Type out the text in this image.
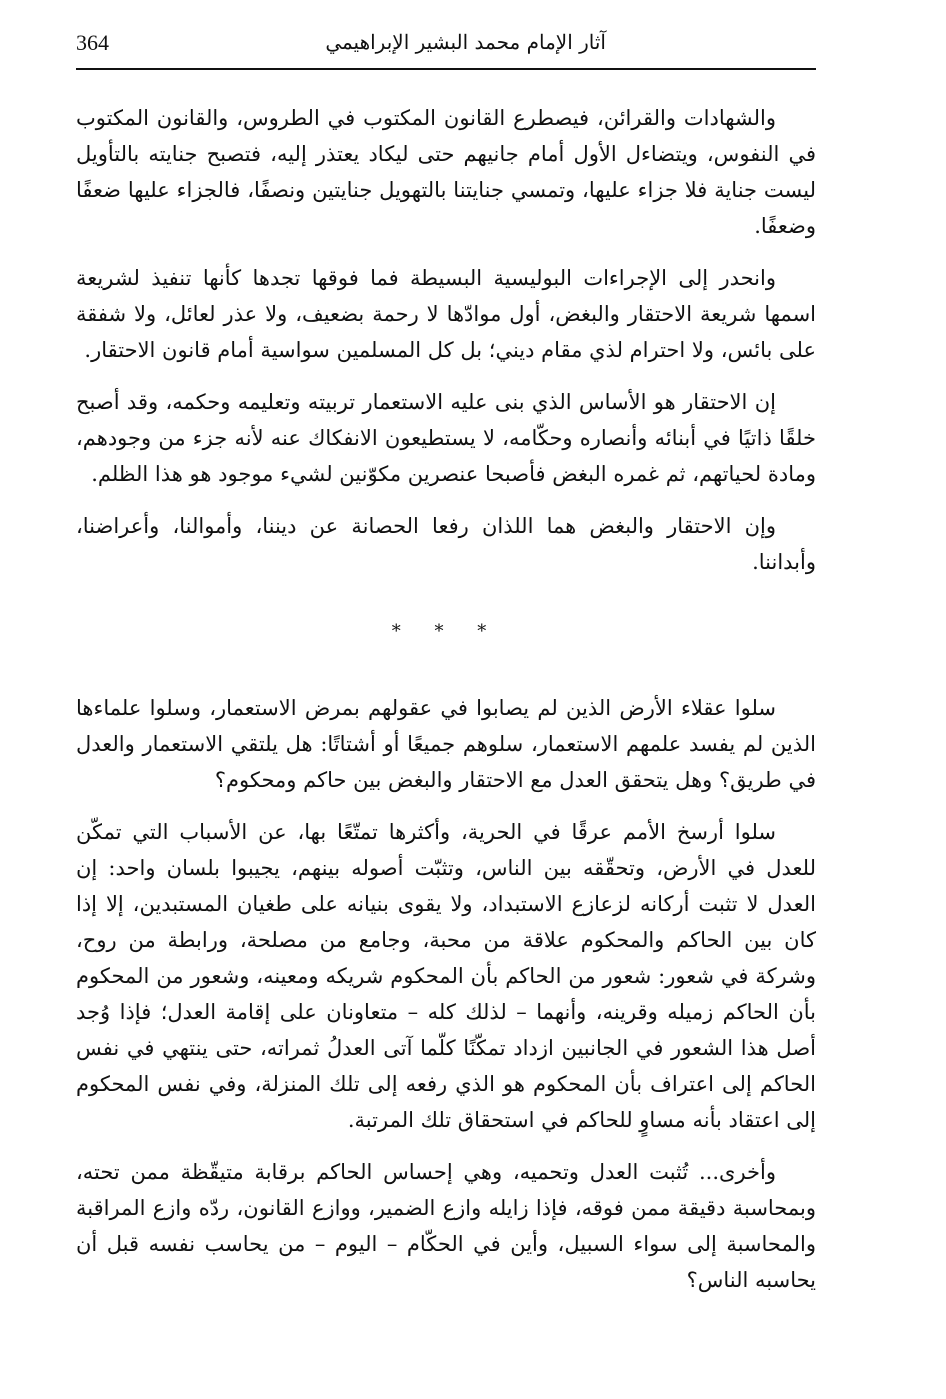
364	آثار الإمام محمد البشير الإبراهيمي

والشهادات والقرائن، فيصطرع القانون المكتوب في الطروس، والقانون المكتوب في النفوس، ويتضاءل الأول أمام جانيهم حتى ليكاد يعتذر إليه، فتصبح جنايته بالتأويل ليست جناية فلا جزاء عليها، وتمسي جنايتنا بالتهويل جنايتين ونصفًا، فالجزاء عليها ضعفًا وضعفًا.

وانحدر إلى الإجراءات البوليسية البسيطة فما فوقها تجدها كأنها تنفيذ لشريعة اسمها شريعة الاحتقار والبغض، أول موادّها لا رحمة بضعيف، ولا عذر لعائل، ولا شفقة على بائس، ولا احترام لذي مقام ديني؛ بل كل المسلمين سواسية أمام قانون الاحتقار.

إن الاحتقار هو الأساس الذي بنى عليه الاستعمار تربيته وتعليمه وحكمه، وقد أصبح خلقًا ذاتيًا في أبنائه وأنصاره وحكّامه، لا يستطيعون الانفكاك عنه لأنه جزء من وجودهم، ومادة لحياتهم، ثم غمره البغض فأصبحا عنصرين مكوّنين لشيء موجود هو هذا الظلم.

وإن الاحتقار والبغض هما اللذان رفعا الحصانة عن ديننا، وأموالنا، وأعراضنا، وأبداننا.

* * *

سلوا عقلاء الأرض الذين لم يصابوا في عقولهم بمرض الاستعمار، وسلوا علماءها الذين لم يفسد علمهم الاستعمار، سلوهم جميعًا أو أشتاتًا: هل يلتقي الاستعمار والعدل في طريق؟ وهل يتحقق العدل مع الاحتقار والبغض بين حاكم ومحكوم؟

سلوا أرسخ الأمم عرقًا في الحرية، وأكثرها تمتّعًا بها، عن الأسباب التي تمكّن للعدل في الأرض، وتحقّقه بين الناس، وتثبّت أصوله بينهم، يجيبوا بلسان واحد: إن العدل لا تثبت أركانه لزعازع الاستبداد، ولا يقوى بنيانه على طغيان المستبدين، إلا إذا كان بين الحاكم والمحكوم علاقة من محبة، وجامع من مصلحة، ورابطة من روح، وشركة في شعور: شعور من الحاكم بأن المحكوم شريكه ومعينه، وشعور من المحكوم بأن الحاكم زميله وقرينه، وأنهما – لذلك كله – متعاونان على إقامة العدل؛ فإذا وُجد أصل هذا الشعور في الجانبين ازداد تمكّنًا كلّما آتى العدلُ ثمراته، حتى ينتهي في نفس الحاكم إلى اعتراف بأن المحكوم هو الذي رفعه إلى تلك المنزلة، وفي نفس المحكوم إلى اعتقاد بأنه مساوٍ للحاكم في استحقاق تلك المرتبة.

وأخرى... تُثبت العدل وتحميه، وهي إحساس الحاكم برقابة متيقّظة ممن تحته، وبمحاسبة دقيقة ممن فوقه، فإذا زايله وازع الضمير، ووازع القانون، ردّه وازع المراقبة والمحاسبة إلى سواء السبيل، وأين في الحكّام – اليوم – من يحاسب نفسه قبل أن يحاسبه الناس؟
